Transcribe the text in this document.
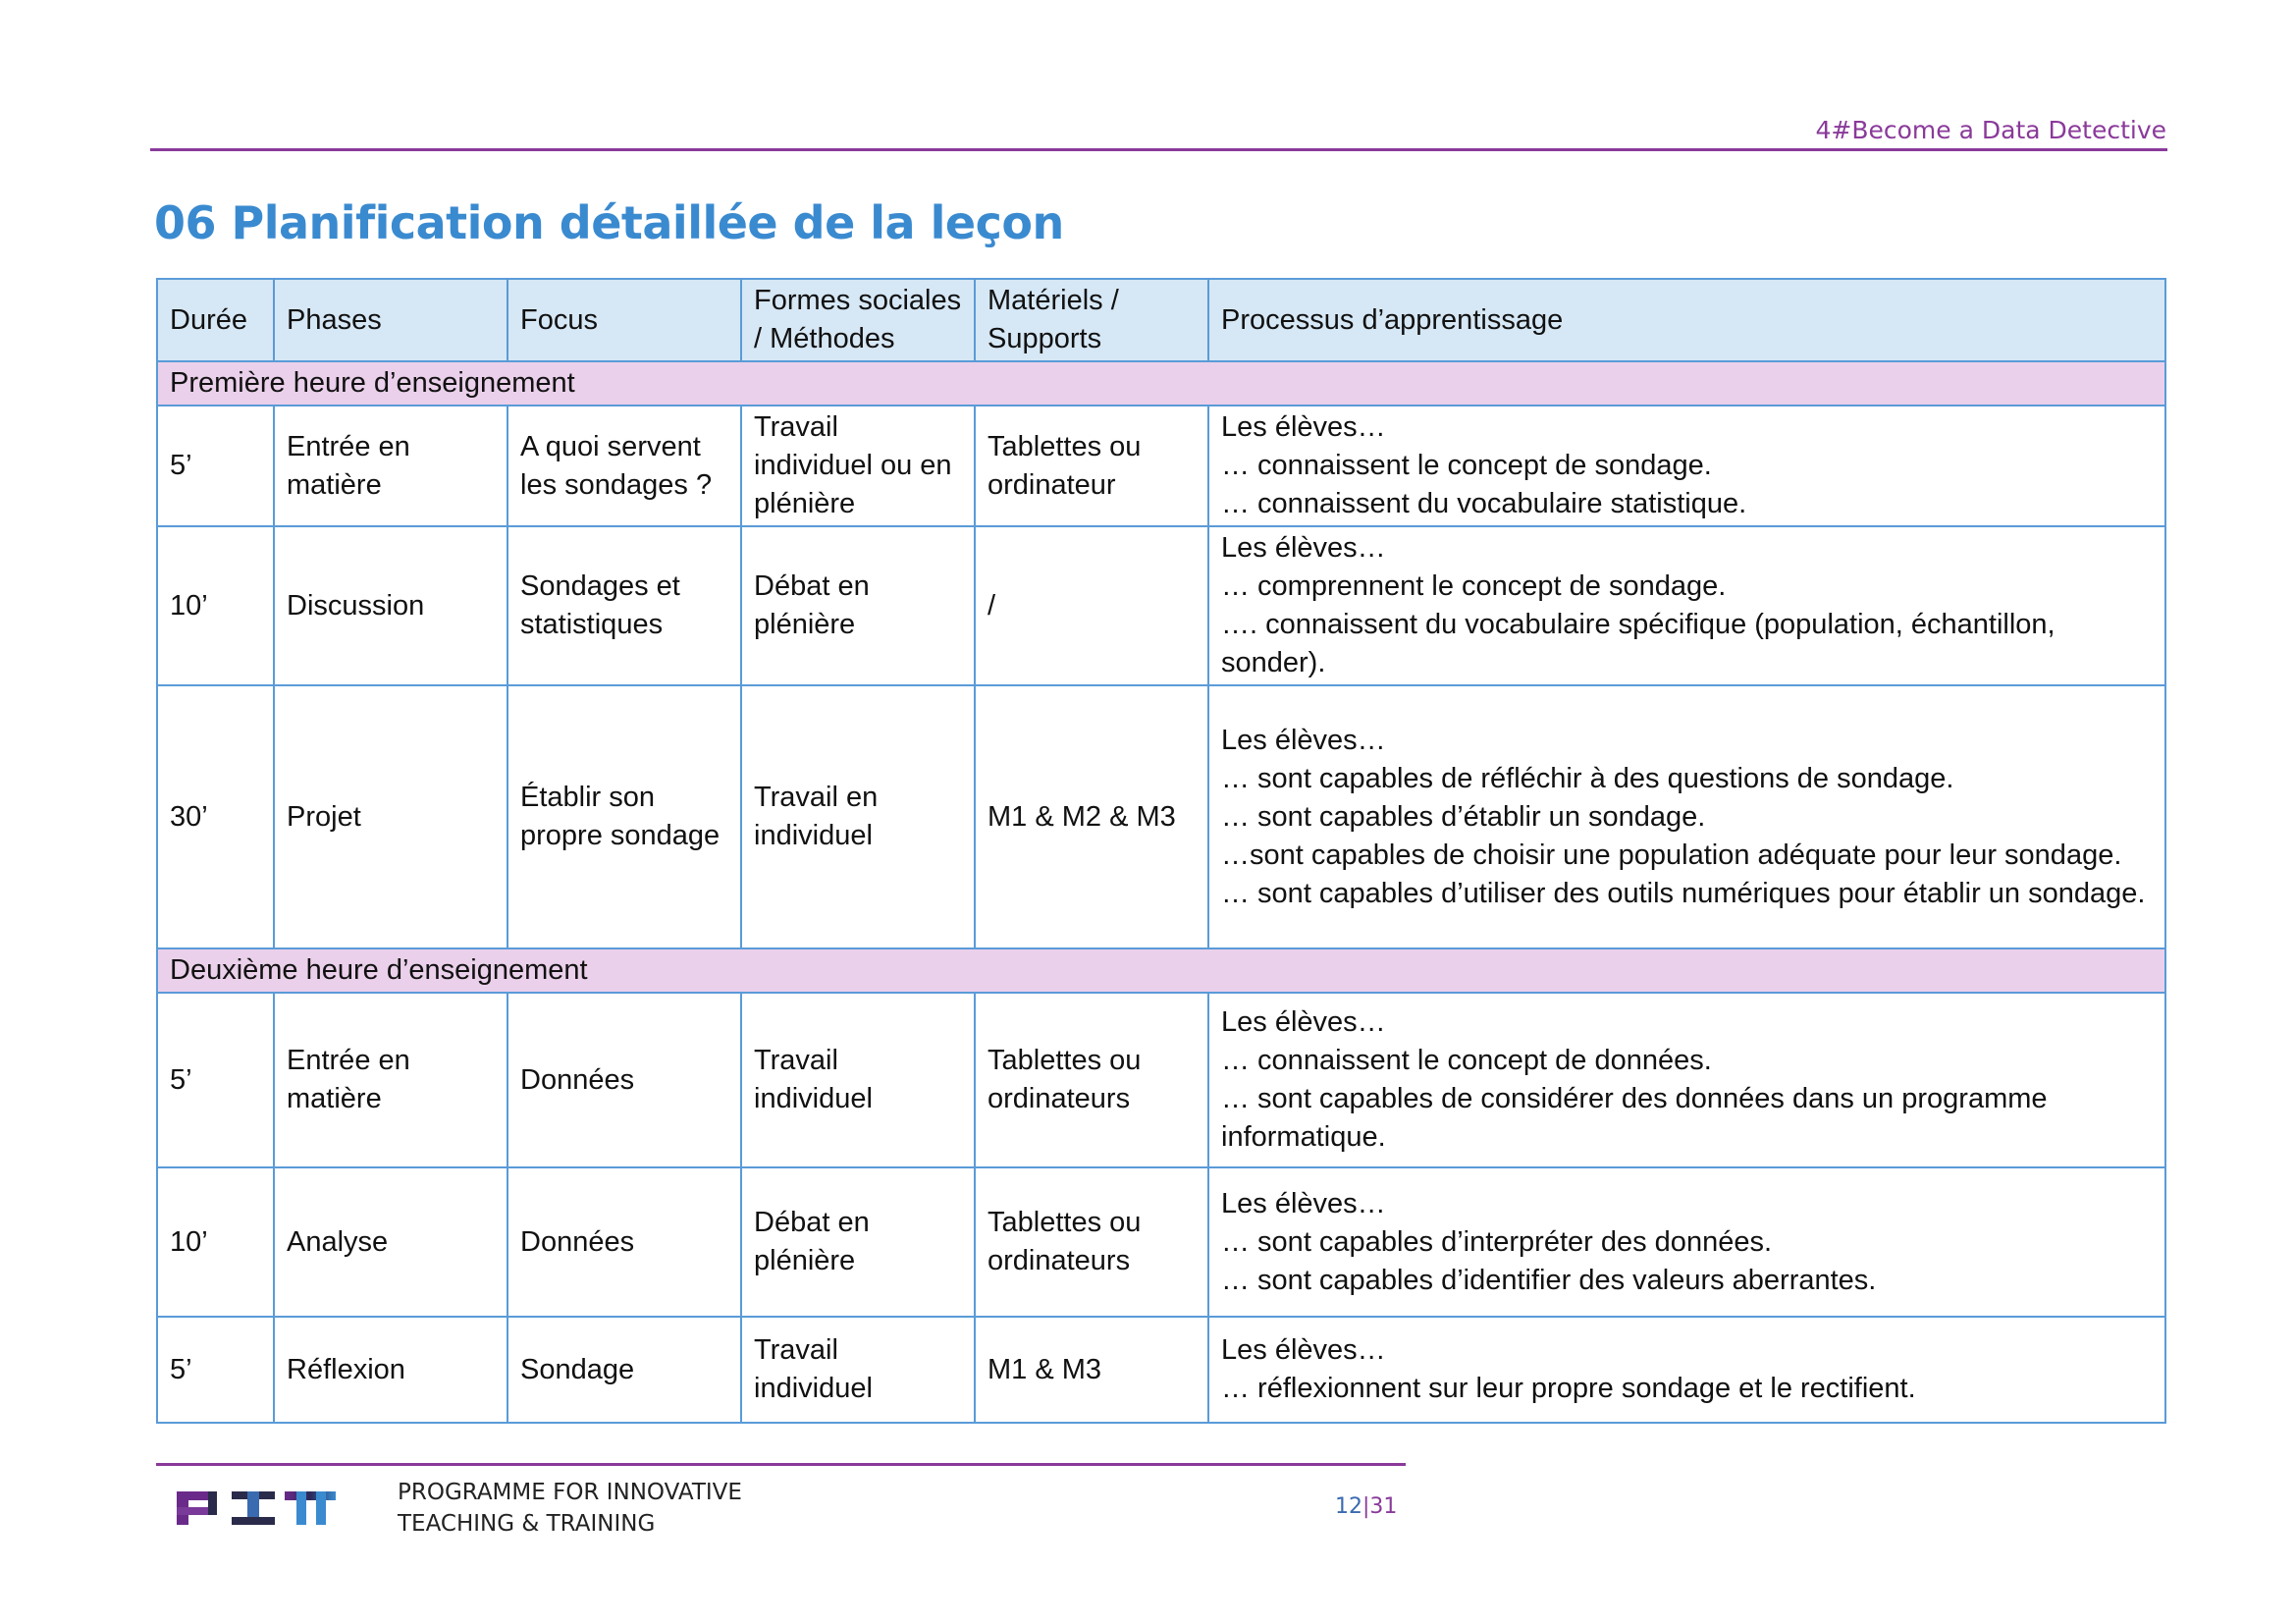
4#Become a Data Detective
06 Planification détaillée de la leçon
Durée	Phases	Focus	Formes sociales / Méthodes	Matériels / Supports	Processus d’apprentissage
Première heure d’enseignement					
5’	Entrée en matière	A quoi servent les sondages ?	Travail individuel ou en plénière	Tablettes ou ordinateur	Les élèves…
… connaissent le concept de sondage.
… connaissent du vocabulaire statistique.

10’	Discussion	Sondages et statistiques	Débat en plénière	/	Les élèves…
… comprennent le concept de sondage.
…. connaissent du vocabulaire spécifique (population, échantillon, sonder).

30’	Projet	Établir son propre sondage	Travail en individuel	M1 & M2 & M3	Les élèves…
… sont capables de réfléchir à des questions de sondage.
… sont capables d’établir un sondage.
…sont capables de choisir une population adéquate pour leur sondage.
… sont capables d’utiliser des outils numériques pour établir un sondage.

Deuxième heure d’enseignement					
5’	Entrée en matière	Données	Travail individuel	Tablettes ou ordinateurs	Les élèves…
… connaissent le concept de données.
… sont capables de considérer des données dans un programme informatique.

10’	Analyse	Données	Débat en plénière	Tablettes ou ordinateurs	Les élèves…
… sont capables d’interpréter des données.
… sont capables d’identifier des valeurs aberrantes.

5’	Réflexion	Sondage	Travail individuel	M1 & M3	Les élèves…
… réflexionnent sur leur propre sondage et le rectifient.
PROGRAMME FOR INNOVATIVE
TEACHING & TRAINING
12|31
